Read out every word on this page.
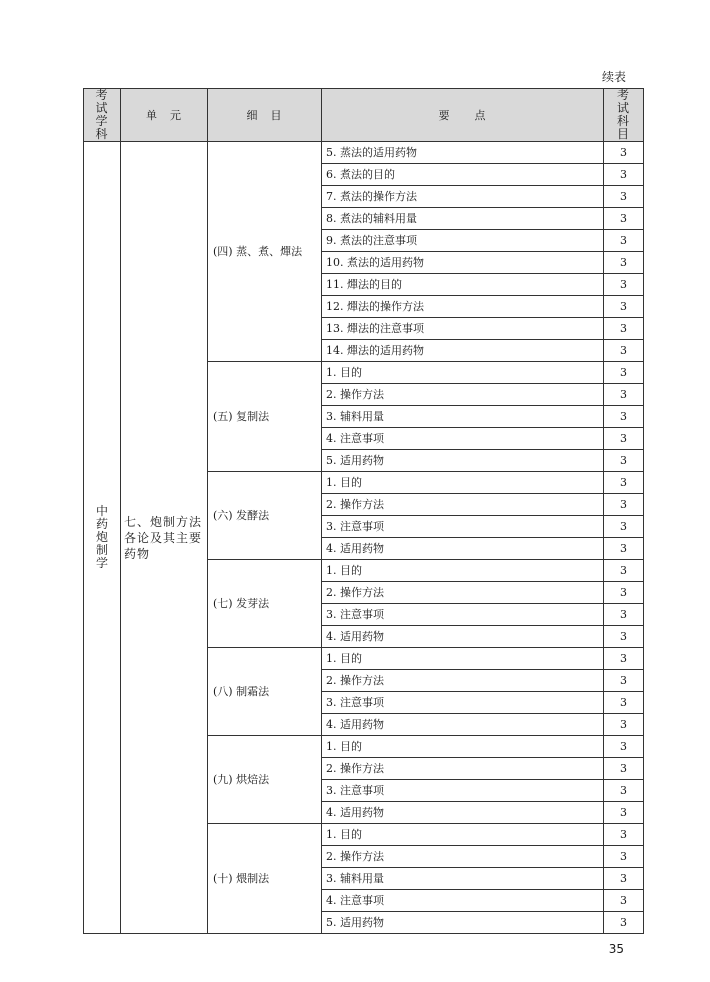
续表
考试学科	单　元	细　目	要　　点	考试科目
中药炮制学	七、炮制方法各论及其主要药物	(四) 蒸、煮、燀法	5. 蒸法的适用药物	3
			6. 煮法的目的	3
			7. 煮法的操作方法	3
			8. 煮法的辅料用量	3
			9. 煮法的注意事项	3
			10. 煮法的适用药物	3
			11. 燀法的目的	3
			12. 燀法的操作方法	3
			13. 燀法的注意事项	3
			14. 燀法的适用药物	3
		(五) 复制法	1. 目的	3
			2. 操作方法	3
			3. 辅料用量	3
			4. 注意事项	3
			5. 适用药物	3
		(六) 发酵法	1. 目的	3
			2. 操作方法	3
			3. 注意事项	3
			4. 适用药物	3
		(七) 发芽法	1. 目的	3
			2. 操作方法	3
			3. 注意事项	3
			4. 适用药物	3
		(八) 制霜法	1. 目的	3
			2. 操作方法	3
			3. 注意事项	3
			4. 适用药物	3
		(九) 烘焙法	1. 目的	3
			2. 操作方法	3
			3. 注意事项	3
			4. 适用药物	3
		(十) 煨制法	1. 目的	3
			2. 操作方法	3
			3. 辅料用量	3
			4. 注意事项	3
			5. 适用药物	3
35
